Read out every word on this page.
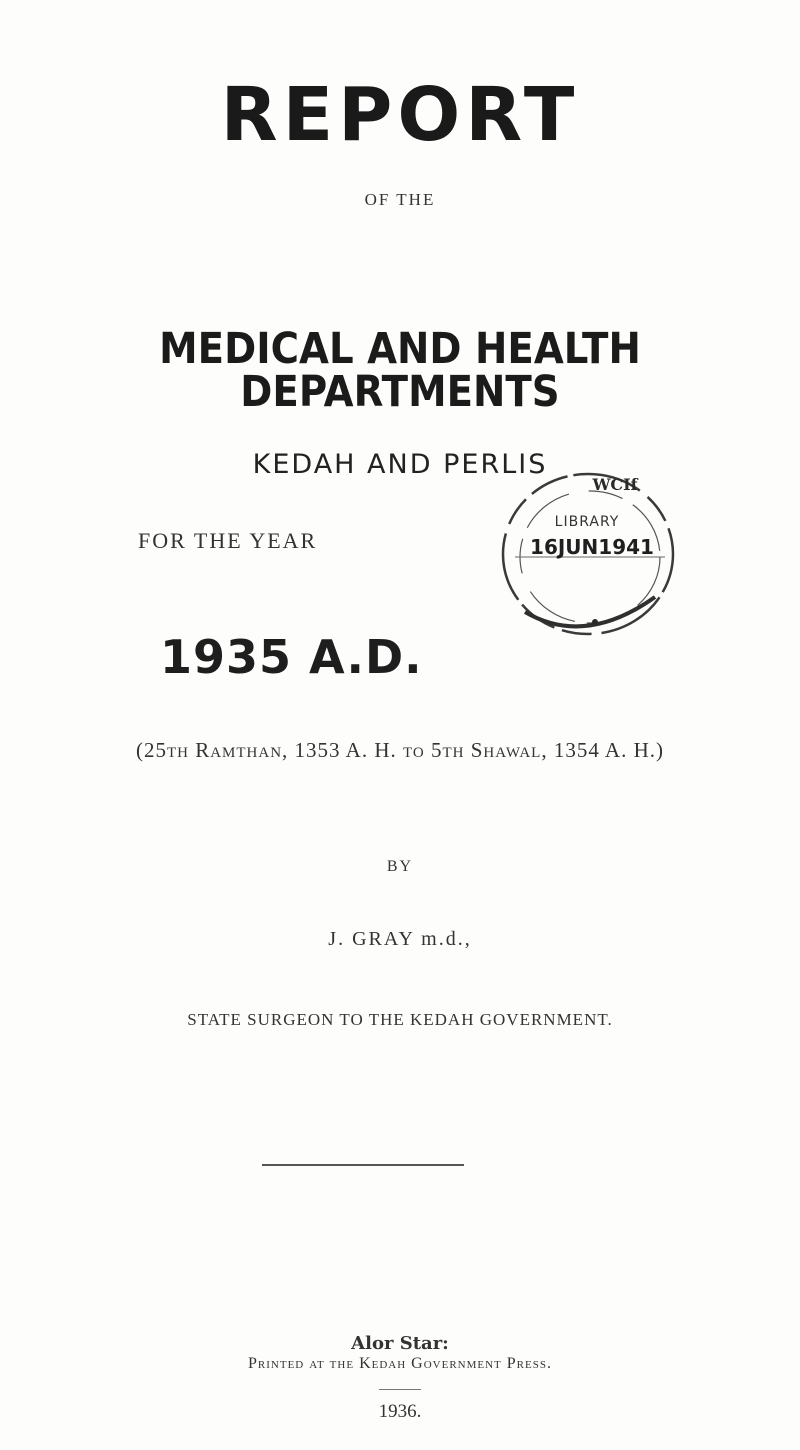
REPORT
OF THE
MEDICAL AND HEALTH DEPARTMENTS
KEDAH AND PERLIS
FOR THE YEAR
1935 A.D.
WCIf
LIBRARY
16JUN1941
(25th Ramthan, 1353 A. H. to 5th Shawal, 1354 A. H.)
BY
J. GRAY m.d.,
STATE SURGEON TO THE KEDAH GOVERNMENT.
Alor Star:
Printed at the Kedah Government Press.
1936.
